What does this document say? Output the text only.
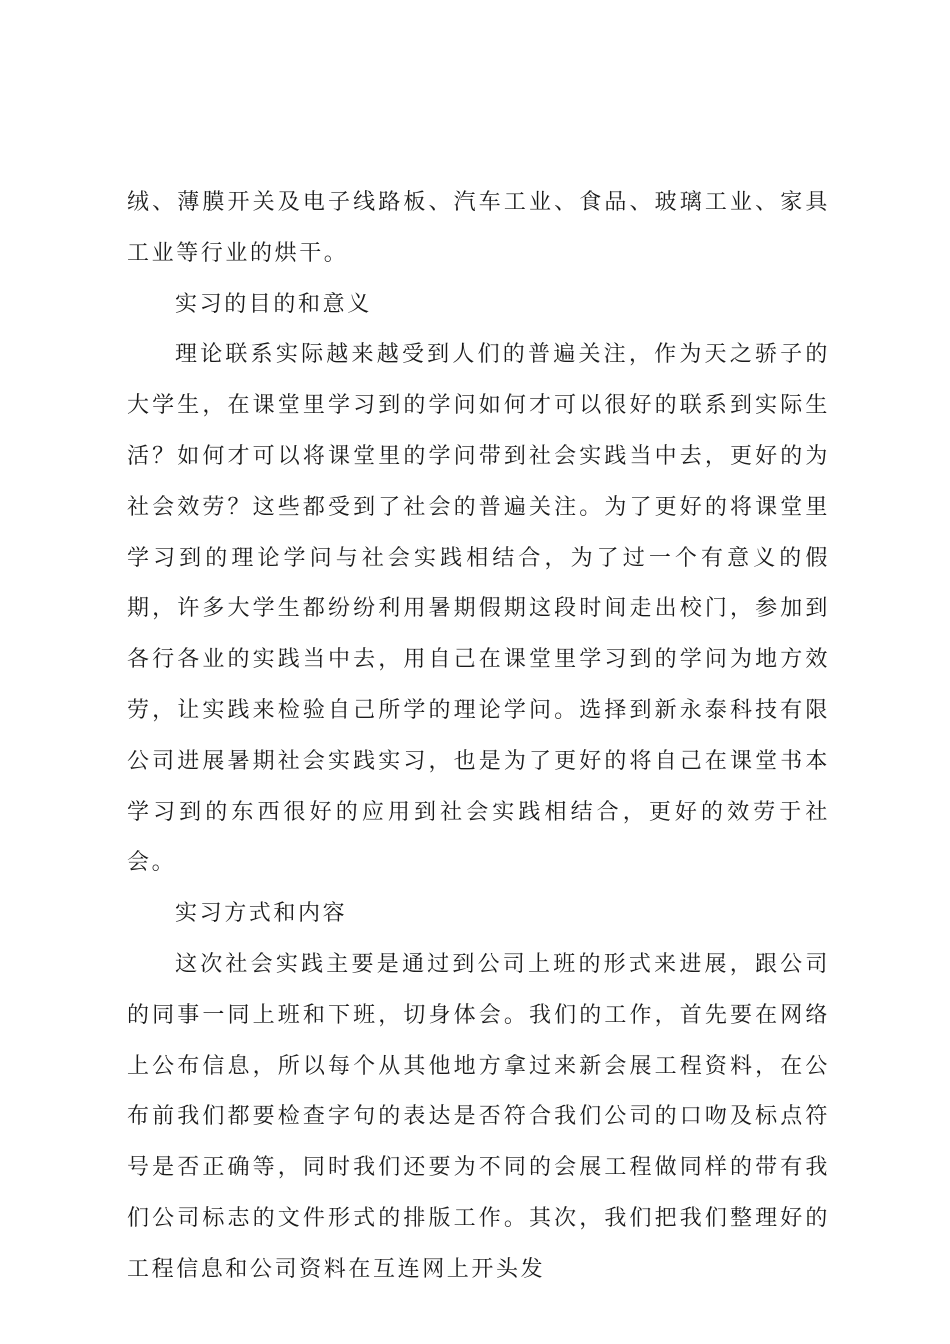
绒、薄膜开关及电子线路板、汽车工业、食品、玻璃工业、家具工业等行业的烘干。

实习的目的和意义

理论联系实际越来越受到人们的普遍关注，作为天之骄子的大学生，在课堂里学习到的学问如何才可以很好的联系到实际生活？如何才可以将课堂里的学问带到社会实践当中去，更好的为社会效劳？这些都受到了社会的普遍关注。为了更好的将课堂里学习到的理论学问与社会实践相结合，为了过一个有意义的假期，许多大学生都纷纷利用暑期假期这段时间走出校门，参加到各行各业的实践当中去，用自己在课堂里学习到的学问为地方效劳，让实践来检验自己所学的理论学问。选择到新永泰科技有限公司进展暑期社会实践实习，也是为了更好的将自己在课堂书本学习到的东西很好的应用到社会实践相结合，更好的效劳于社会。

实习方式和内容

这次社会实践主要是通过到公司上班的形式来进展，跟公司的同事一同上班和下班，切身体会。我们的工作，首先要在网络上公布信息，所以每个从其他地方拿过来新会展工程资料，在公布前我们都要检查字句的表达是否符合我们公司的口吻及标点符号是否正确等，同时我们还要为不同的会展工程做同样的带有我们公司标志的文件形式的排版工作。其次，我们把我们整理好的工程信息和公司资料在互连网上开头发
